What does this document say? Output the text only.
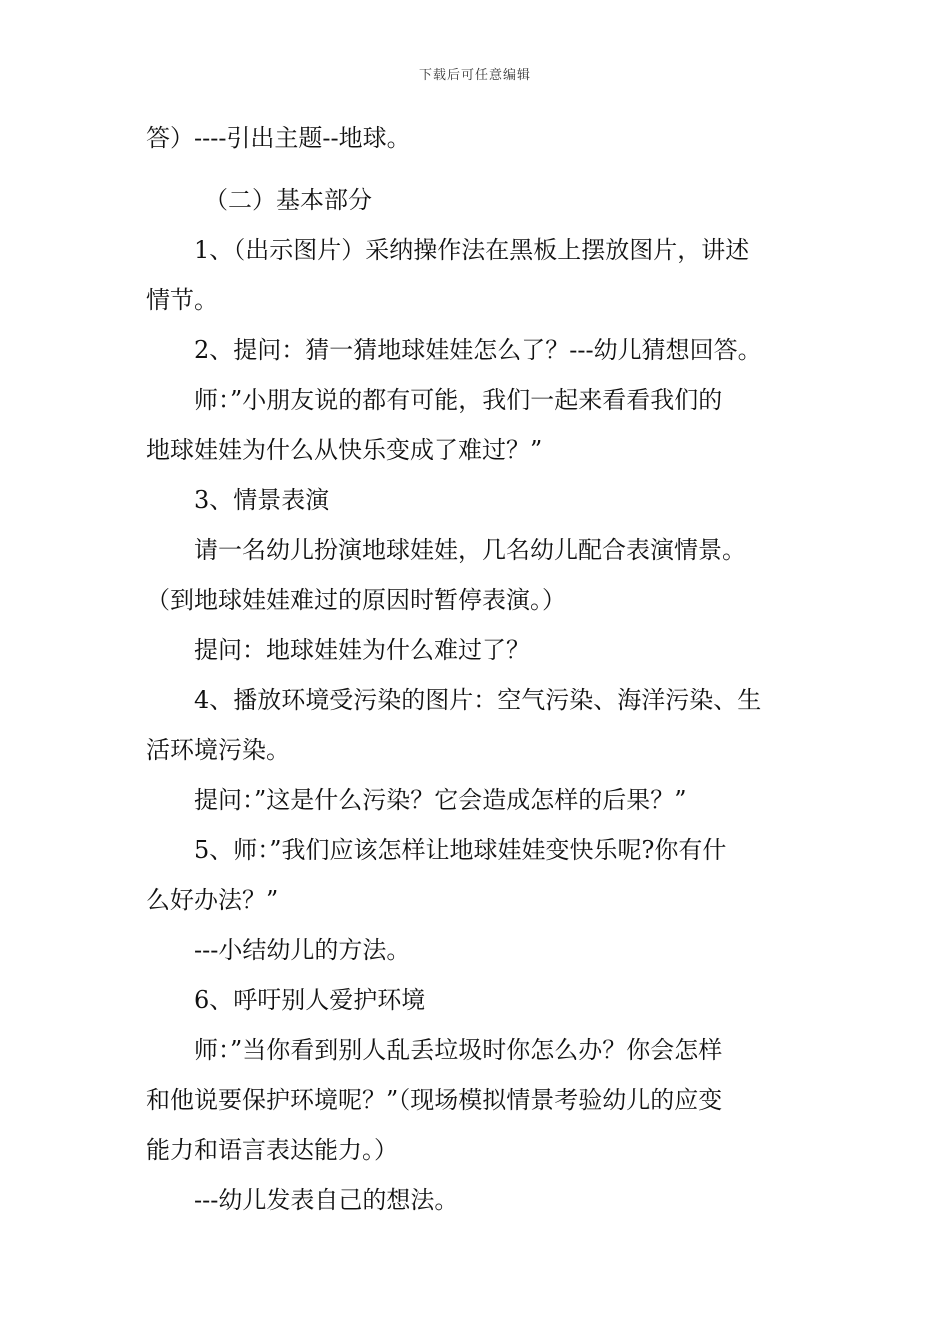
下载后可任意编辑
答）----引出主题--地球。
（二）基本部分
1、（出示图片）采纳操作法在黑板上摆放图片，讲述
情节。
2、提问：猜一猜地球娃娃怎么了？---幼儿猜想回答。
师：”小朋友说的都有可能，我们一起来看看我们的
地球娃娃为什么从快乐变成了难过？”
3、情景表演
请一名幼儿扮演地球娃娃，几名幼儿配合表演情景。
（到地球娃娃难过的原因时暂停表演。）
提问：地球娃娃为什么难过了？
4、播放环境受污染的图片：空气污染、海洋污染、生
活环境污染。
提问：”这是什么污染？它会造成怎样的后果？”
5、师：”我们应该怎样让地球娃娃变快乐呢?你有什
么好办法？”
---小结幼儿的方法。
6、呼吁别人爱护环境
师：”当你看到别人乱丢垃圾时你怎么办？你会怎样
和他说要保护环境呢？”（现场模拟情景考验幼儿的应变
能力和语言表达能力。）
---幼儿发表自己的想法。
